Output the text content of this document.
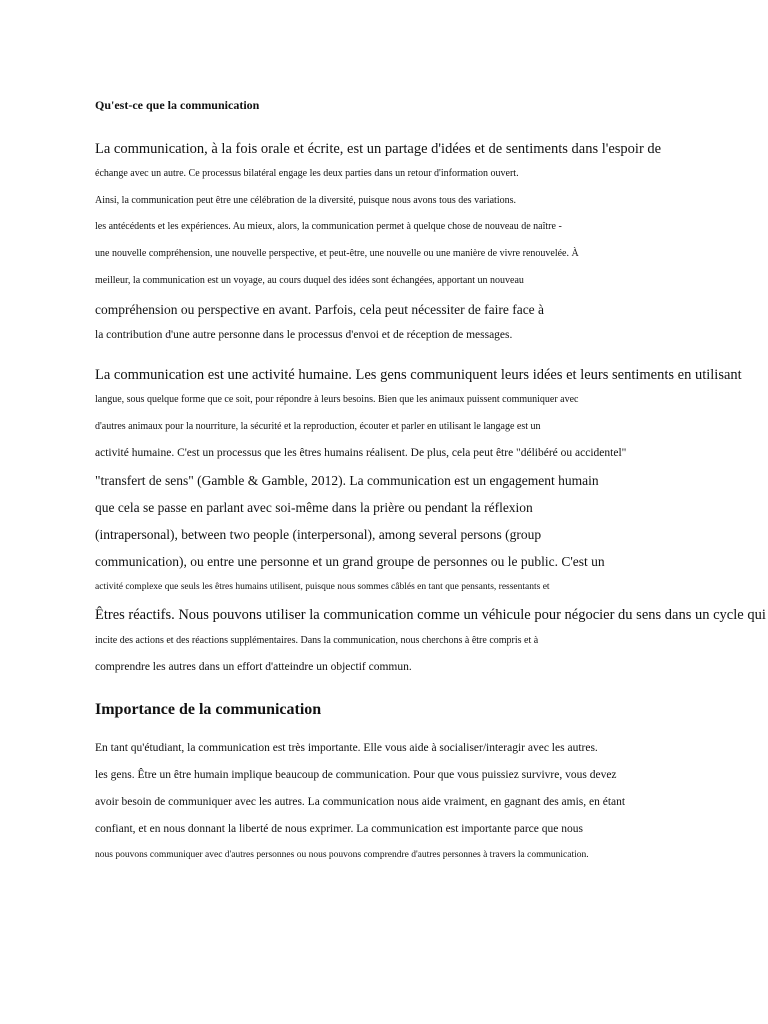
Qu'est-ce que la communication
La communication, à la fois orale et écrite, est un partage d'idées et de sentiments dans l'espoir de
échange avec un autre. Ce processus bilatéral engage les deux parties dans un retour d'information ouvert.
Ainsi, la communication peut être une célébration de la diversité, puisque nous avons tous des variations.
les antécédents et les expériences. Au mieux, alors, la communication permet à quelque chose de nouveau de naître -
une nouvelle compréhension, une nouvelle perspective, et peut-être, une nouvelle ou une manière de vivre renouvelée. À
meilleur, la communication est un voyage, au cours duquel des idées sont échangées, apportant un nouveau
compréhension ou perspective en avant. Parfois, cela peut nécessiter de faire face à
la contribution d'une autre personne dans le processus d'envoi et de réception de messages.
La communication est une activité humaine. Les gens communiquent leurs idées et leurs sentiments en utilisant
langue, sous quelque forme que ce soit, pour répondre à leurs besoins. Bien que les animaux puissent communiquer avec
d'autres animaux pour la nourriture, la sécurité et la reproduction, écouter et parler en utilisant le langage est un
activité humaine. C'est un processus que les êtres humains réalisent. De plus, cela peut être "délibéré ou accidentel"
"transfert de sens" (Gamble & Gamble, 2012). La communication est un engagement humain
que cela se passe en parlant avec soi-même dans la prière ou pendant la réflexion
(intrapersonal), between two people (interpersonal), among several persons (group
communication), ou entre une personne et un grand groupe de personnes ou le public. C'est un
activité complexe que seuls les êtres humains utilisent, puisque nous sommes câblés en tant que pensants, ressentants et
Êtres réactifs. Nous pouvons utiliser la communication comme un véhicule pour négocier du sens dans un cycle qui
incite des actions et des réactions supplémentaires. Dans la communication, nous cherchons à être compris et à
comprendre les autres dans un effort d'atteindre un objectif commun.
Importance de la communication
En tant qu'étudiant, la communication est très importante. Elle vous aide à socialiser/interagir avec les autres.
les gens. Être un être humain implique beaucoup de communication. Pour que vous puissiez survivre, vous devez
avoir besoin de communiquer avec les autres. La communication nous aide vraiment, en gagnant des amis, en étant
confiant, et en nous donnant la liberté de nous exprimer. La communication est importante parce que nous
nous pouvons communiquer avec d'autres personnes ou nous pouvons comprendre d'autres personnes à travers la communication.
